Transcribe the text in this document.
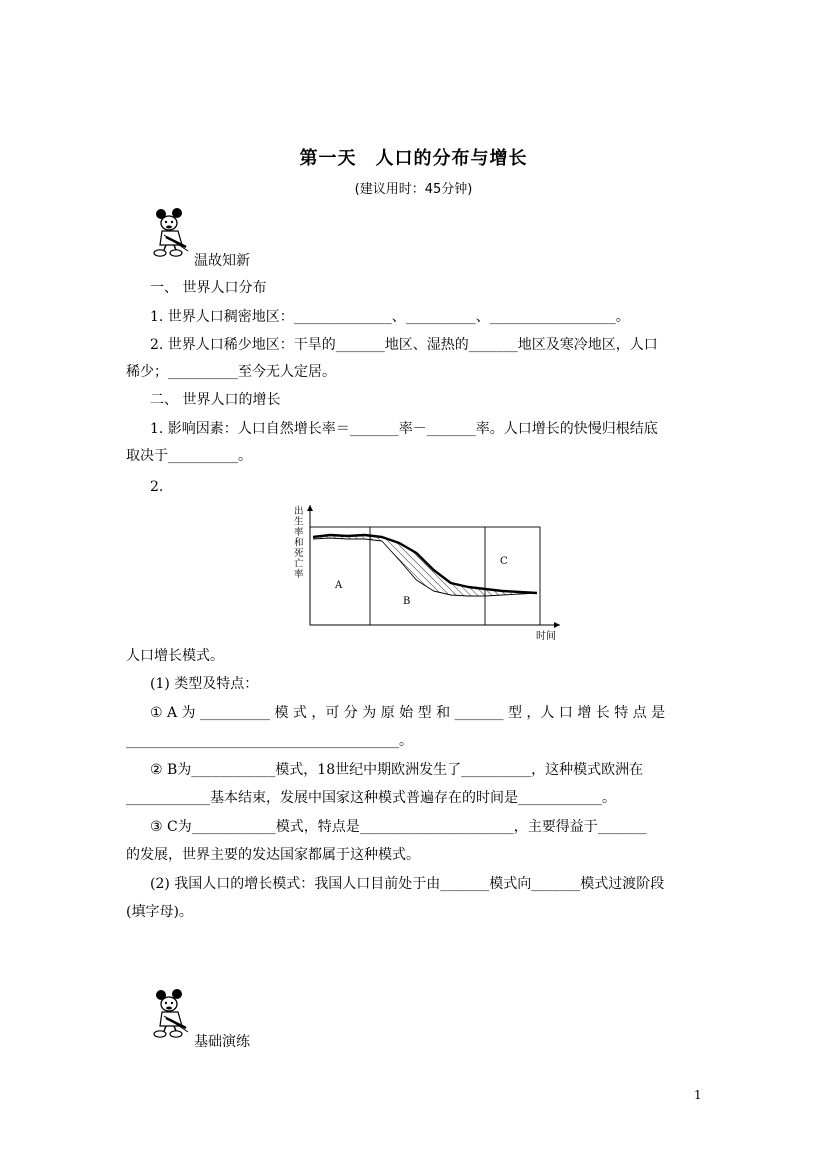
第一天　人口的分布与增长
(建议用时：45分钟)
温故知新
一、 世界人口分布
1. 世界人口稠密地区：______________、__________、__________________。
2. 世界人口稀少地区：干旱的_______地区、湿热的_______地区及寒冷地区，人口
稀少；__________至今无人定居。
二、 世界人口的增长
1. 影响因素：人口自然增长率＝_______率－_______率。人口增长的快慢归根结底
取决于__________。
2.
A
B
C
出
生
率
和
死
亡
率
时间
人口增长模式。
(1) 类型及特点：
① A 为 __________ 模 式 ，可 分 为 原 始 型 和 _______ 型 ，人 口 增 长 特 点 是
_______________________________________。
② B为____________模式，18世纪中期欧洲发生了__________，这种模式欧洲在
____________基本结束，发展中国家这种模式普遍存在的时间是____________。
③ C为____________模式，特点是______________________，主要得益于_______
的发展，世界主要的发达国家都属于这种模式。
(2) 我国人口的增长模式：我国人口目前处于由_______模式向_______模式过渡阶段
(填字母)。
基础演练
1
